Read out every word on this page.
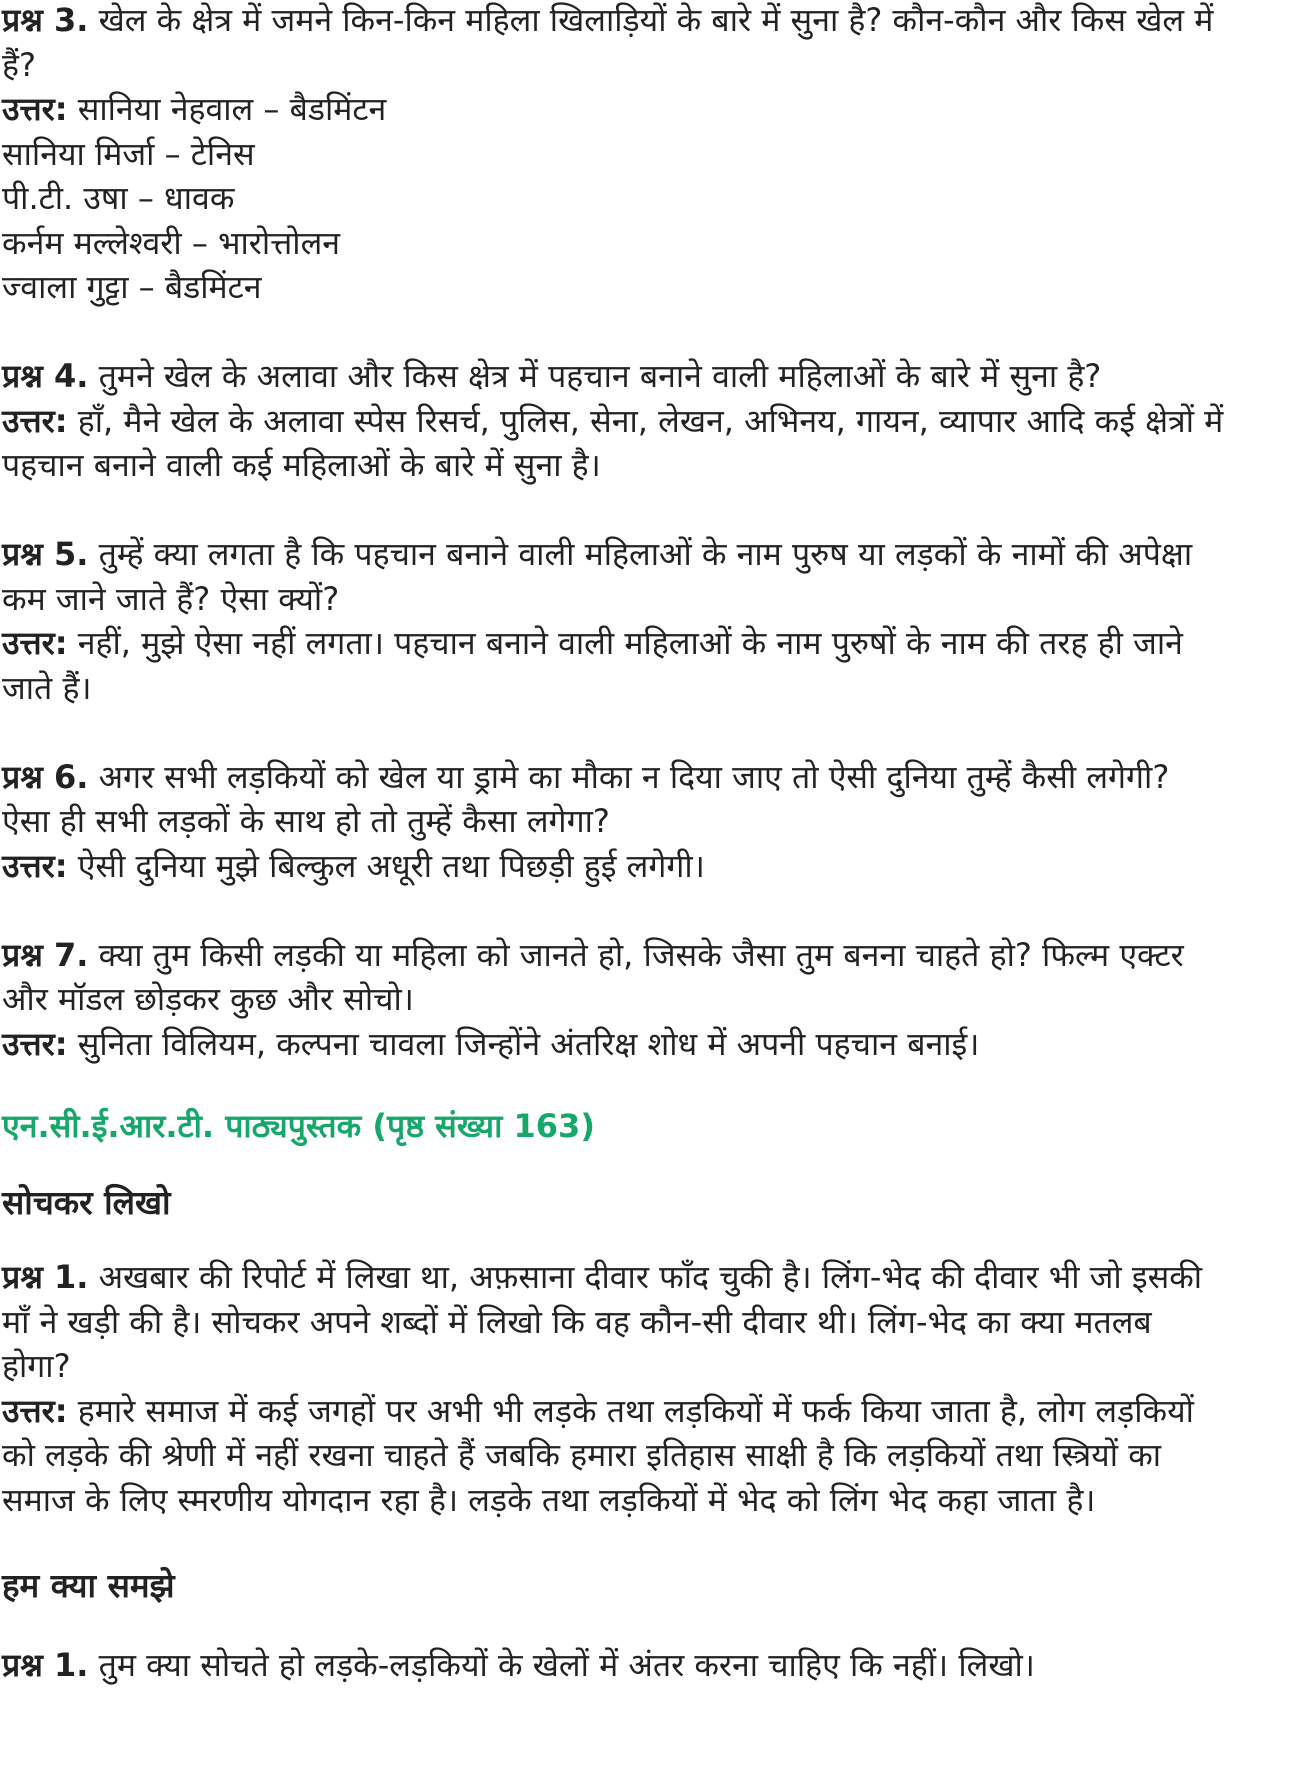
प्रश्न 3. खेल के क्षेत्र में जमने किन-किन महिला खिलाड़ियों के बारे में सुना है? कौन-कौन और किस खेल में

हैं?

उत्तर: सानिया नेहवाल – बैडमिंटन

सानिया मिर्जा – टेनिस

पी.टी. उषा – धावक

कर्नम मल्लेश्वरी – भारोत्तोलन

ज्वाला गुट्टा – बैडमिंटन

प्रश्न 4. तुमने खेल के अलावा और किस क्षेत्र में पहचान बनाने वाली महिलाओं के बारे में सुना है?

उत्तर: हाँ, मैने खेल के अलावा स्पेस रिसर्च, पुलिस, सेना, लेखन, अभिनय, गायन, व्यापार आदि कई क्षेत्रों में

पहचान बनाने वाली कई महिलाओं के बारे में सुना है।

प्रश्न 5. तुम्हें क्या लगता है कि पहचान बनाने वाली महिलाओं के नाम पुरुष या लड़कों के नामों की अपेक्षा

कम जाने जाते हैं? ऐसा क्यों?

उत्तर: नहीं, मुझे ऐसा नहीं लगता। पहचान बनाने वाली महिलाओं के नाम पुरुषों के नाम की तरह ही जाने

जाते हैं।

प्रश्न 6. अगर सभी लड़कियों को खेल या ड्रामे का मौका न दिया जाए तो ऐसी दुनिया तुम्हें कैसी लगेगी?

ऐसा ही सभी लड़कों के साथ हो तो तुम्हें कैसा लगेगा?

उत्तर: ऐसी दुनिया मुझे बिल्कुल अधूरी तथा पिछड़ी हुई लगेगी।

प्रश्न 7. क्या तुम किसी लड़की या महिला को जानते हो, जिसके जैसा तुम बनना चाहते हो? फिल्म एक्टर

और मॉडल छोड़कर कुछ और सोचो।

उत्तर: सुनिता विलियम, कल्पना चावला जिन्होंने अंतरिक्ष शोध में अपनी पहचान बनाई।

एन.सी.ई.आर.टी. पाठ्यपुस्तक (पृष्ठ संख्या 163)

सोचकर लिखो

प्रश्न 1. अखबार की रिपोर्ट में लिखा था, अफ़साना दीवार फाँद चुकी है। लिंग-भेद की दीवार भी जो इसकी

माँ ने खड़ी की है। सोचकर अपने शब्दों में लिखो कि वह कौन-सी दीवार थी। लिंग-भेद का क्या मतलब

होगा?

उत्तर: हमारे समाज में कई जगहों पर अभी भी लड़के तथा लड़कियों में फर्क किया जाता है, लोग लड़कियों

को लड़के की श्रेणी में नहीं रखना चाहते हैं जबकि हमारा इतिहास साक्षी है कि लड़कियों तथा स्त्रियों का

समाज के लिए स्मरणीय योगदान रहा है। लड़के तथा लड़कियों में भेद को लिंग भेद कहा जाता है।

हम क्या समझे

प्रश्न 1. तुम क्या सोचते हो लड़के-लड़कियों के खेलों में अंतर करना चाहिए कि नहीं। लिखो।
